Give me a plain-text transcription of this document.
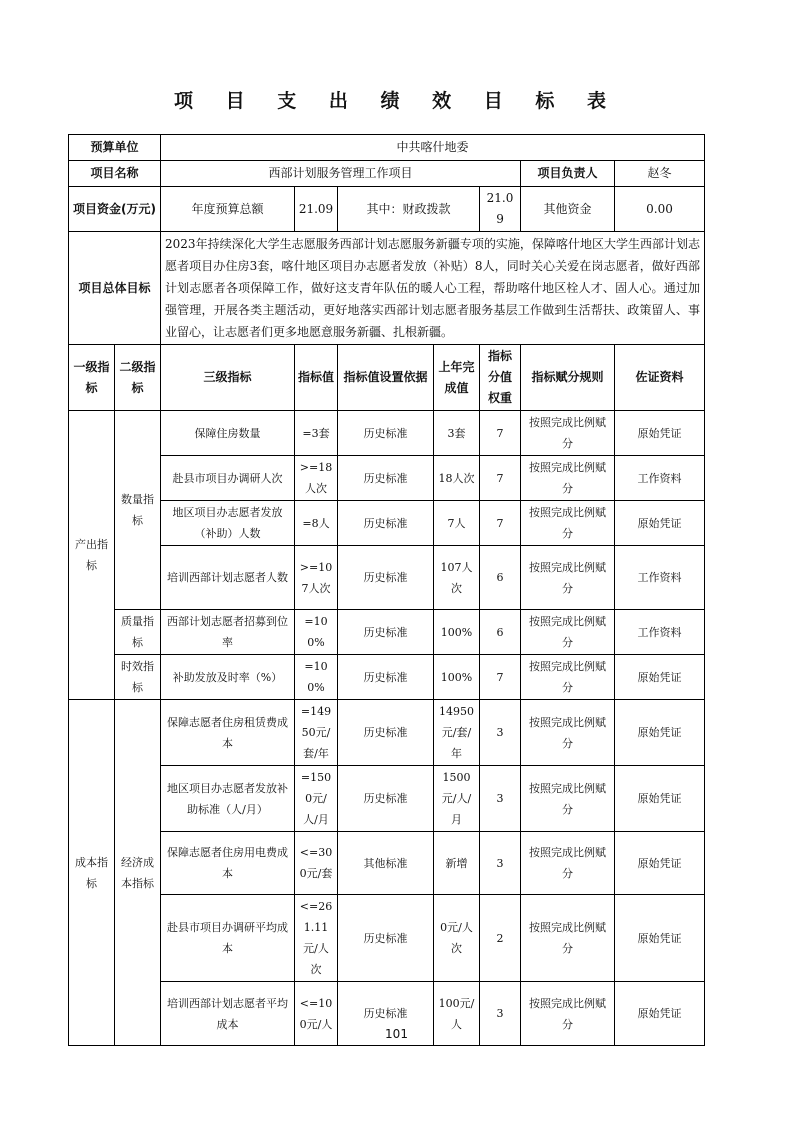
项 目 支 出 绩 效 目 标 表
预算单位		中共喀什地委						
项目名称		西部计划服务管理工作项目					项目负责人	赵冬
项目资金(万元)		年度预算总额	21.09	其中：财政拨款		21.09	其他资金	0.00
项目总体目标		2023年持续深化大学生志愿服务西部计划志愿服务新疆专项的实施，保障喀什地区大学生西部计划志愿者项目办住房3套，喀什地区项目办志愿者发放（补贴）8人，同时关心关爱在岗志愿者，做好西部计划志愿者各项保障工作，做好这支青年队伍的暖人心工程，帮助喀什地区栓人才、固人心。通过加强管理，开展各类主题活动，更好地落实西部计划志愿者服务基层工作做到生活帮扶、政策留人、事业留心，让志愿者们更多地愿意服务新疆、扎根新疆。						
一级指标	二级指标	三级指标	指标值	指标值设置依据	上年完成值	指标分值权重	指标赋分规则	佐证资料
产出指标	数量指标	保障住房数量	=3套	历史标准	3套	7	按照完成比例赋分	原始凭证
		赴县市项目办调研人次	>=18人次	历史标准	18人次	7	按照完成比例赋分	工作资料
		地区项目办志愿者发放（补助）人数	=8人	历史标准	7人	7	按照完成比例赋分	原始凭证
		培训西部计划志愿者人数	>=107人次	历史标准	107人次	6	按照完成比例赋分	工作资料
	质量指标	西部计划志愿者招募到位率	=100%	历史标准	100%	6	按照完成比例赋分	工作资料
	时效指标	补助发放及时率（%）	=100%	历史标准	100%	7	按照完成比例赋分	原始凭证
成本指标	经济成本指标	保障志愿者住房租赁费成本	=14950元/套/年	历史标准	14950元/套/年	3	按照完成比例赋分	原始凭证
		地区项目办志愿者发放补助标准（人/月）	=1500元/人/月	历史标准	1500元/人/月	3	按照完成比例赋分	原始凭证
		保障志愿者住房用电费成本	<=300元/套	其他标准	新增	3	按照完成比例赋分	原始凭证
		赴县市项目办调研平均成本	<=261.11元/人次	历史标准	0元/人次	2	按照完成比例赋分	原始凭证
		培训西部计划志愿者平均成本	<=100元/人	历史标准	100元/人	3	按照完成比例赋分	原始凭证
101
